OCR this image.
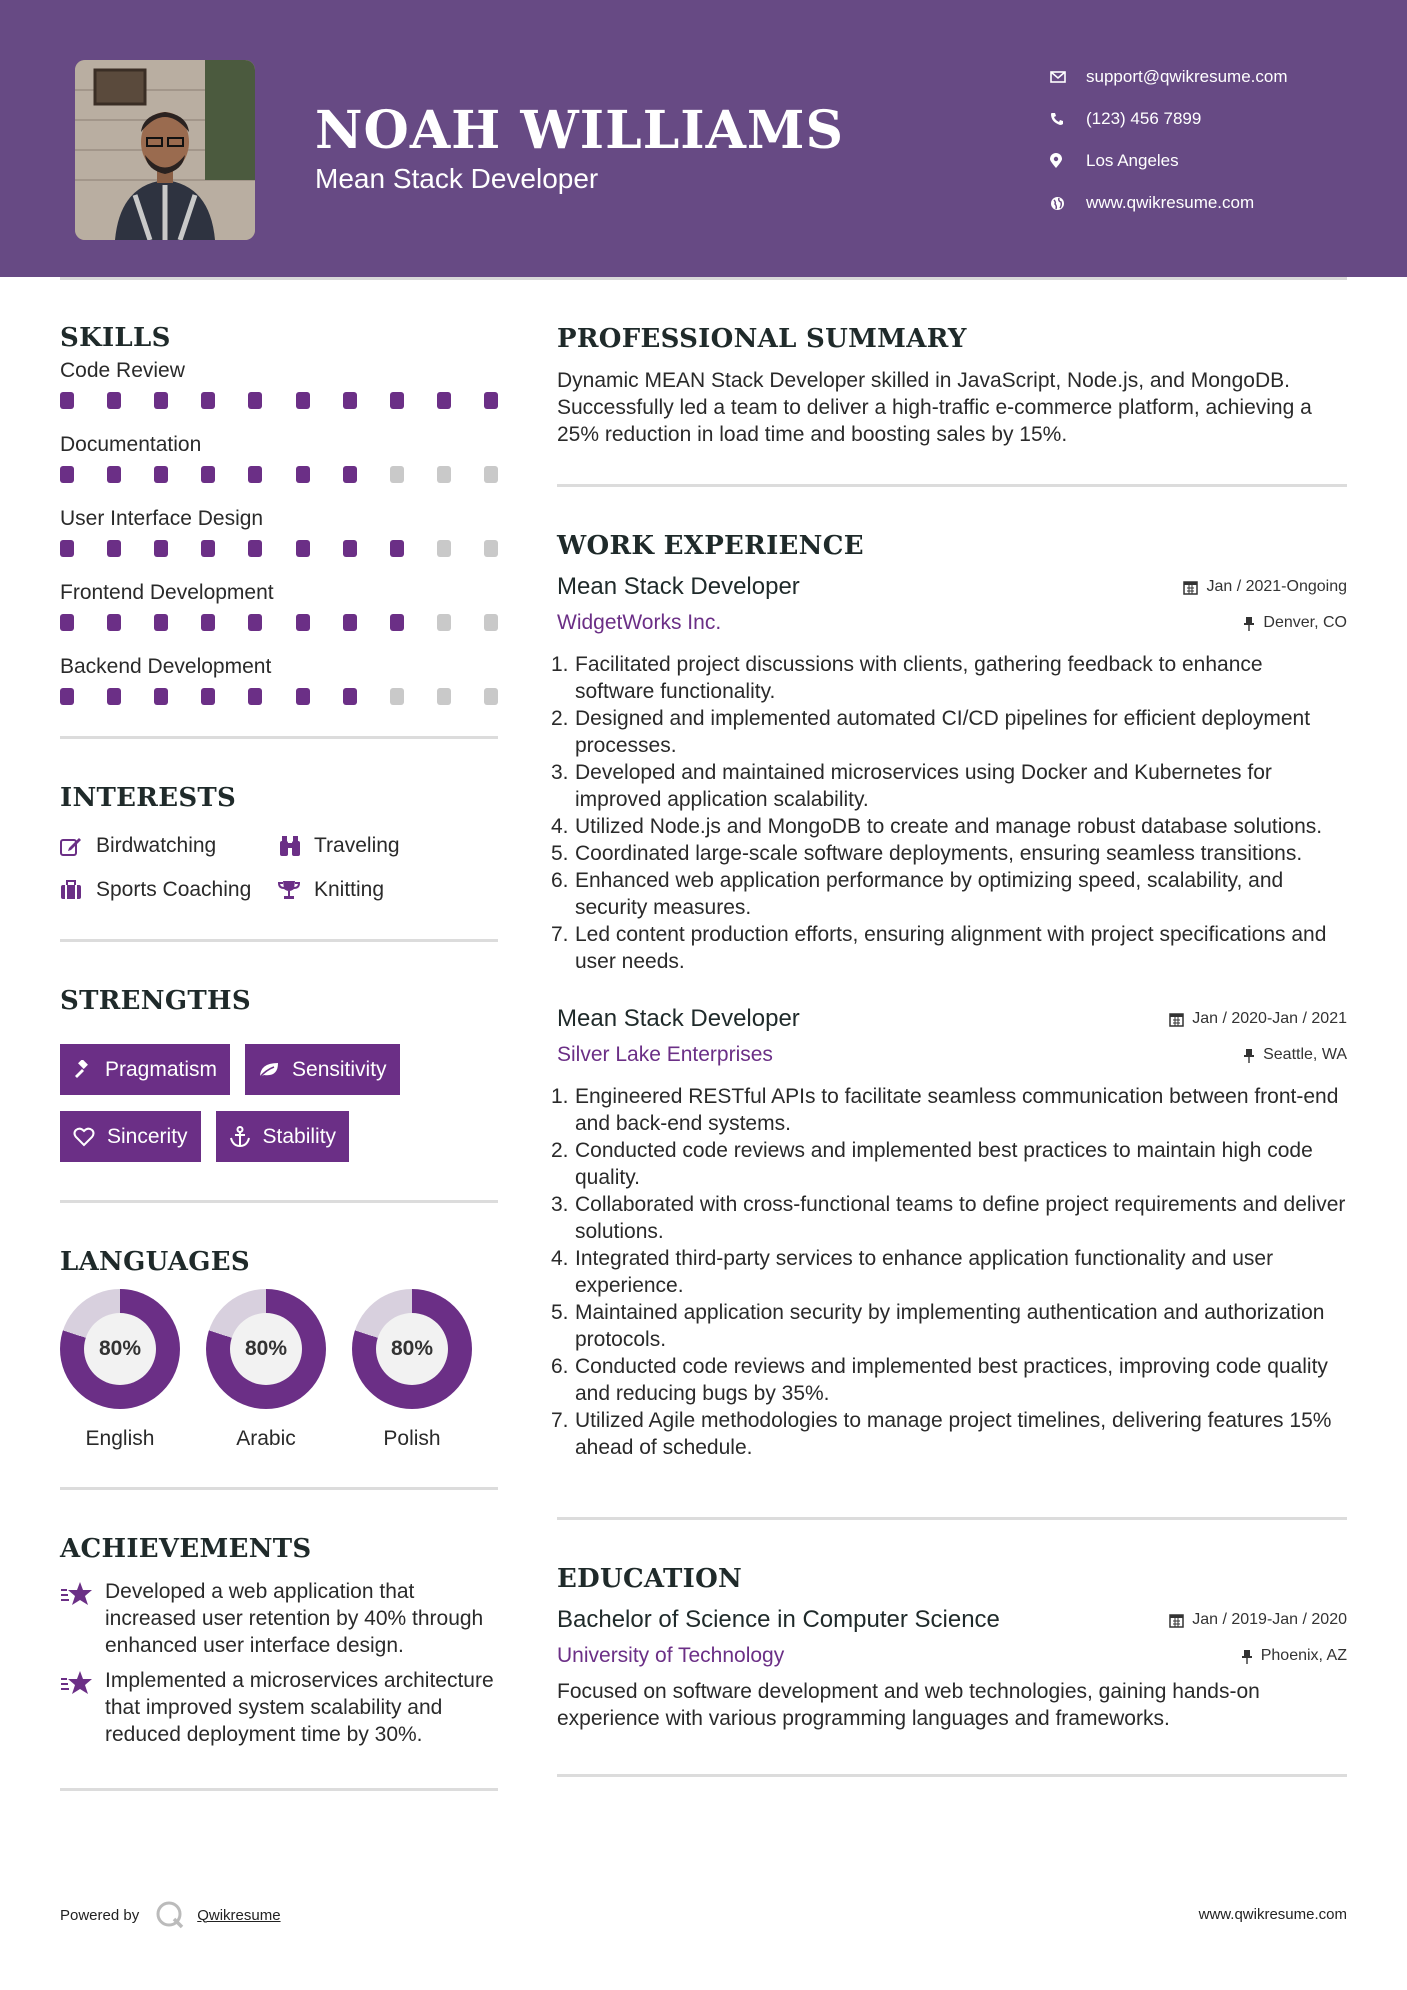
NOAH WILLIAMS
Mean Stack Developer
support@qwikresume.com
(123) 456 7899
Los Angeles
www.qwikresume.com
SKILLS
Code Review
Documentation
User Interface Design
Frontend Development
Backend Development
INTERESTS
Birdwatching	Traveling
Sports Coaching	Knitting
STRENGTHS
Pragmatism	Sensitivity
Sincerity	Stability
LANGUAGES
80%
English
80%
Arabic
80%
Polish
ACHIEVEMENTS
Developed a web application that increased user retention by 40% through enhanced user interface design.
Implemented a microservices architecture that improved system scalability and reduced deployment time by 30%.
PROFESSIONAL SUMMARY
Dynamic MEAN Stack Developer skilled in JavaScript, Node.js, and MongoDB. Successfully led a team to deliver a high-traffic e-commerce platform, achieving a 25% reduction in load time and boosting sales by 15%.
WORK EXPERIENCE
Mean Stack Developer	Jan / 2021-Ongoing
WidgetWorks Inc.	Denver, CO
1. Facilitated project discussions with clients, gathering feedback to enhance software functionality.
2. Designed and implemented automated CI/CD pipelines for efficient deployment processes.
3. Developed and maintained microservices using Docker and Kubernetes for improved application scalability.
4. Utilized Node.js and MongoDB to create and manage robust database solutions.
5. Coordinated large-scale software deployments, ensuring seamless transitions.
6. Enhanced web application performance by optimizing speed, scalability, and security measures.
7. Led content production efforts, ensuring alignment with project specifications and user needs.
Mean Stack Developer	Jan / 2020-Jan / 2021
Silver Lake Enterprises	Seattle, WA
1. Engineered RESTful APIs to facilitate seamless communication between front-end and back-end systems.
2. Conducted code reviews and implemented best practices to maintain high code quality.
3. Collaborated with cross-functional teams to define project requirements and deliver solutions.
4. Integrated third-party services to enhance application functionality and user experience.
5. Maintained application security by implementing authentication and authorization protocols.
6. Conducted code reviews and implemented best practices, improving code quality and reducing bugs by 35%.
7. Utilized Agile methodologies to manage project timelines, delivering features 15% ahead of schedule.
EDUCATION
Bachelor of Science in Computer Science	Jan / 2019-Jan / 2020
University of Technology	Phoenix, AZ
Focused on software development and web technologies, gaining hands-on experience with various programming languages and frameworks.
Powered by	Qwikresume	www.qwikresume.com
